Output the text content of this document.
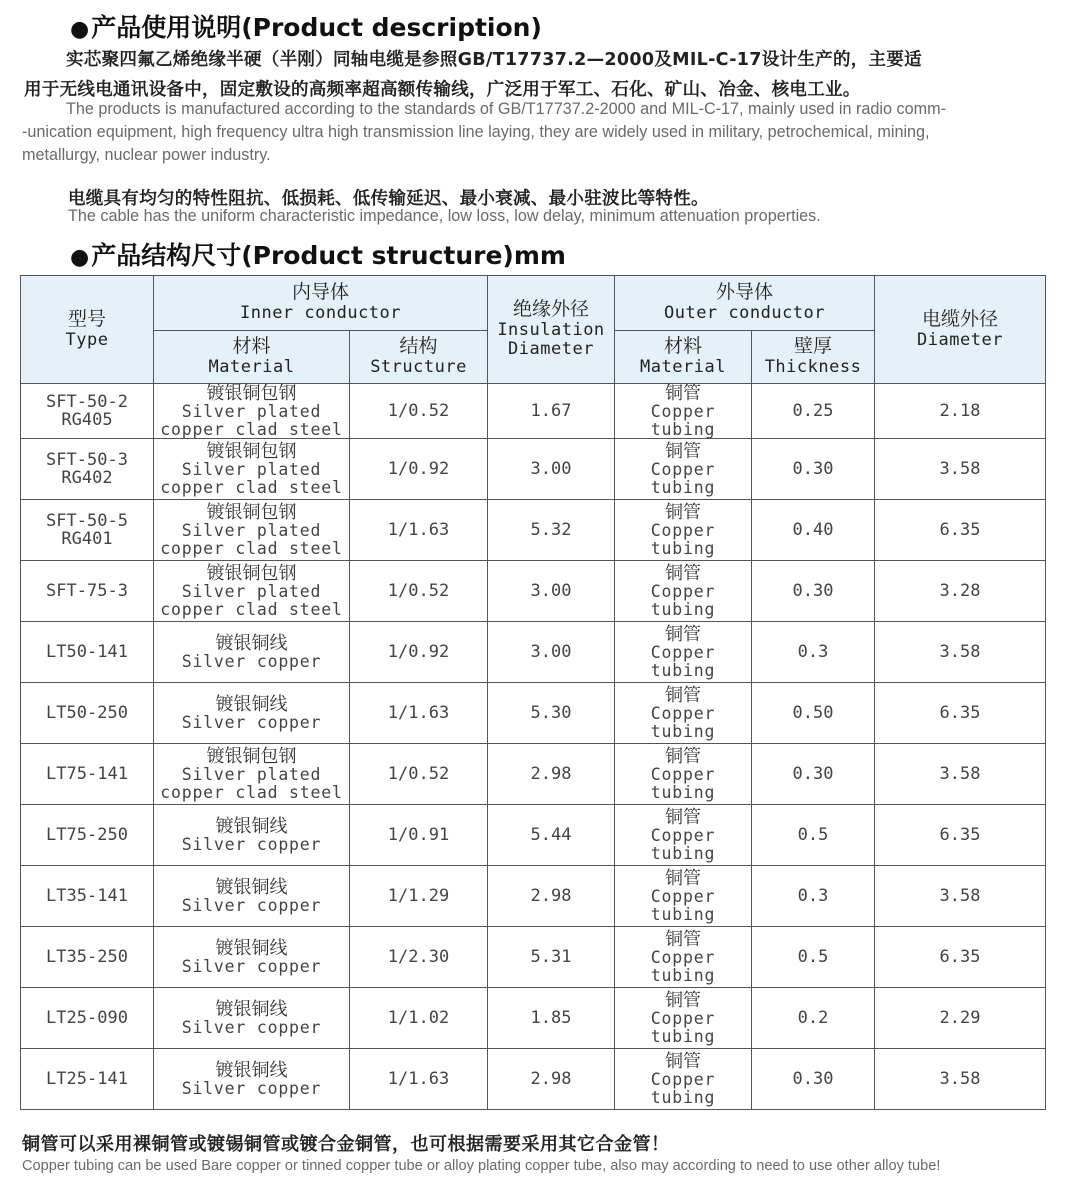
●产品使用说明(Product description)
实芯聚四氟乙烯绝缘半硬（半刚）同轴电缆是参照GB/T17737.2—2000及MIL-C-17设计生产的，主要适
用于无线电通讯设备中，固定敷设的高频率超高额传输线，广泛用于军工、石化、矿山、冶金、核电工业。
The products is manufactured according to the standards of GB/T17737.2-2000 and MIL-C-17, mainly used in radio comm-
-unication equipment, high frequency ultra high transmission line laying, they are widely used in military, petrochemical, mining,
metallurgy, nuclear power industry.
电缆具有均匀的特性阻抗、低损耗、低传输延迟、最小衰减、最小驻波比等特性。
The cable has the uniform characteristic impedance, low loss, low delay, minimum attenuation properties.
●产品结构尺寸(Product structure)mm
型号
Type	内导体
Inner conductor		绝缘外径
Insulation
Diameter	外导体
Outer conductor		电缆外径
Diameter

	材料
Material	结构
Structure		材料
Material	壁厚
Thickness	

SFT-50-2
RG405	镀银铜包钢
Silver plated
copper clad steel	1/0.52	1.67	铜管
Copper tubing	0.25	2.18

SFT-50-3
RG402	镀银铜包钢
Silver plated
copper clad steel	1/0.92	3.00	铜管
Copper tubing	0.30	3.58

SFT-50-5
RG401	镀银铜包钢
Silver plated
copper clad steel	1/1.63	5.32	铜管
Copper tubing	0.40	6.35

SFT-75-3	镀银铜包钢
Silver plated
copper clad steel	1/0.52	3.00	铜管
Copper tubing	0.30	3.28

LT50-141	镀银铜线
Silver copper	1/0.92	3.00	铜管
Copper tubing	0.3	3.58

LT50-250	镀银铜线
Silver copper	1/1.63	5.30	铜管
Copper tubing	0.50	6.35

LT75-141	镀银铜包钢
Silver plated
copper clad steel	1/0.52	2.98	铜管
Copper tubing	0.30	3.58

LT75-250	镀银铜线
Silver copper	1/0.91	5.44	铜管
Copper tubing	0.5	6.35

LT35-141	镀银铜线
Silver copper	1/1.29	2.98	铜管
Copper tubing	0.3	3.58

LT35-250	镀银铜线
Silver copper	1/2.30	5.31	铜管
Copper tubing	0.5	6.35

LT25-090	镀银铜线
Silver copper	1/1.02	1.85	铜管
Copper tubing	0.2	2.29

LT25-141	镀银铜线
Silver copper	1/1.63	2.98	铜管
Copper tubing	0.30	3.58
铜管可以采用裸铜管或镀锡铜管或镀合金铜管，也可根据需要采用其它合金管！
Copper tubing can be used Bare copper or tinned copper tube or alloy plating copper tube, also may according to need to use other alloy tube!
